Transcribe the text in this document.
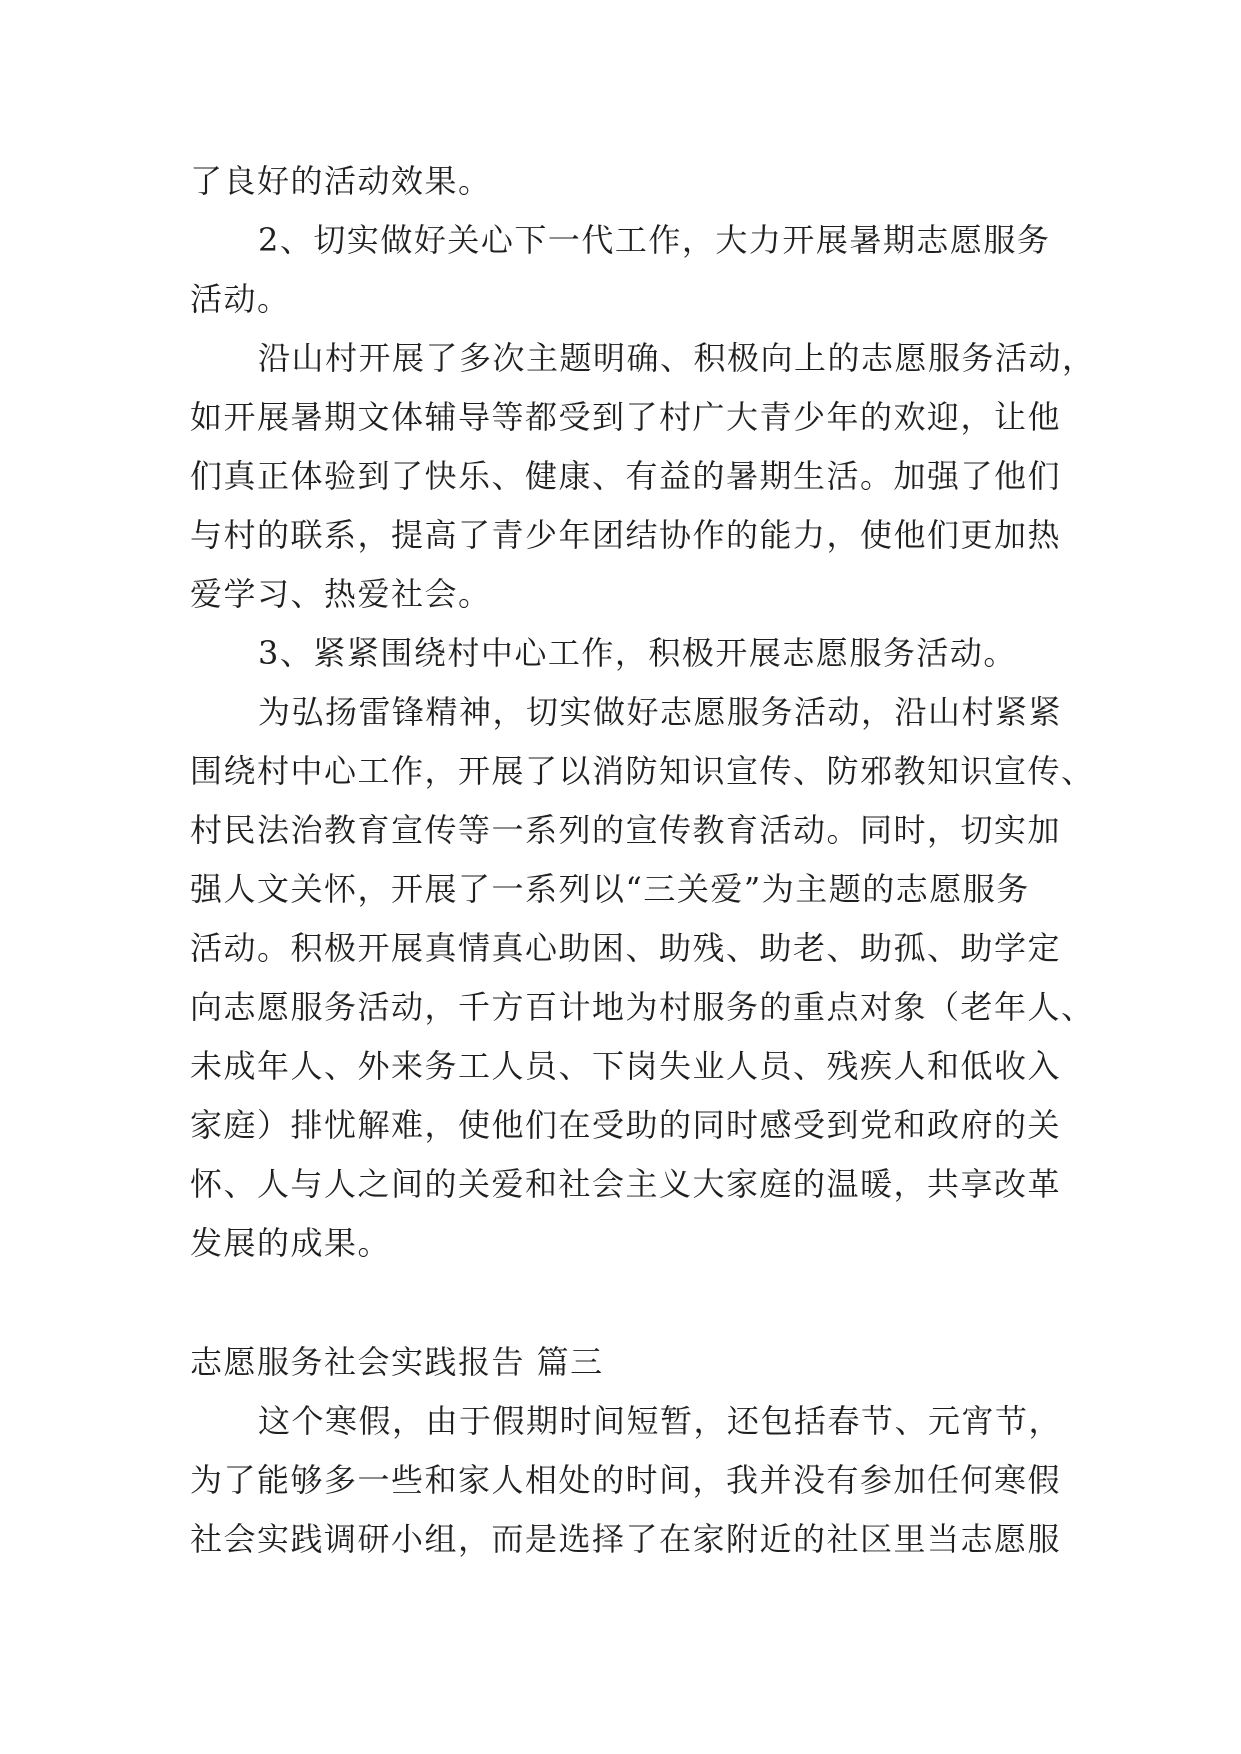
了良好的活动效果。
2、切实做好关心下一代工作，大力开展暑期志愿服务
活动。
沿山村开展了多次主题明确、积极向上的志愿服务活动，
如开展暑期文体辅导等都受到了村广大青少年的欢迎，让他
们真正体验到了快乐、健康、有益的暑期生活。加强了他们
与村的联系，提高了青少年团结协作的能力，使他们更加热
爱学习、热爱社会。
3、紧紧围绕村中心工作，积极开展志愿服务活动。
为弘扬雷锋精神，切实做好志愿服务活动，沿山村紧紧
围绕村中心工作，开展了以消防知识宣传、防邪教知识宣传、
村民法治教育宣传等一系列的宣传教育活动。同时，切实加
强人文关怀，开展了一系列以“三关爱”为主题的志愿服务
活动。积极开展真情真心助困、助残、助老、助孤、助学定
向志愿服务活动，千方百计地为村服务的重点对象（老年人、
未成年人、外来务工人员、下岗失业人员、残疾人和低收入
家庭）排忧解难，使他们在受助的同时感受到党和政府的关
怀、人与人之间的关爱和社会主义大家庭的温暖，共享改革
发展的成果。
志愿服务社会实践报告 篇三
这个寒假，由于假期时间短暂，还包括春节、元宵节，
为了能够多一些和家人相处的时间，我并没有参加任何寒假
社会实践调研小组，而是选择了在家附近的社区里当志愿服
